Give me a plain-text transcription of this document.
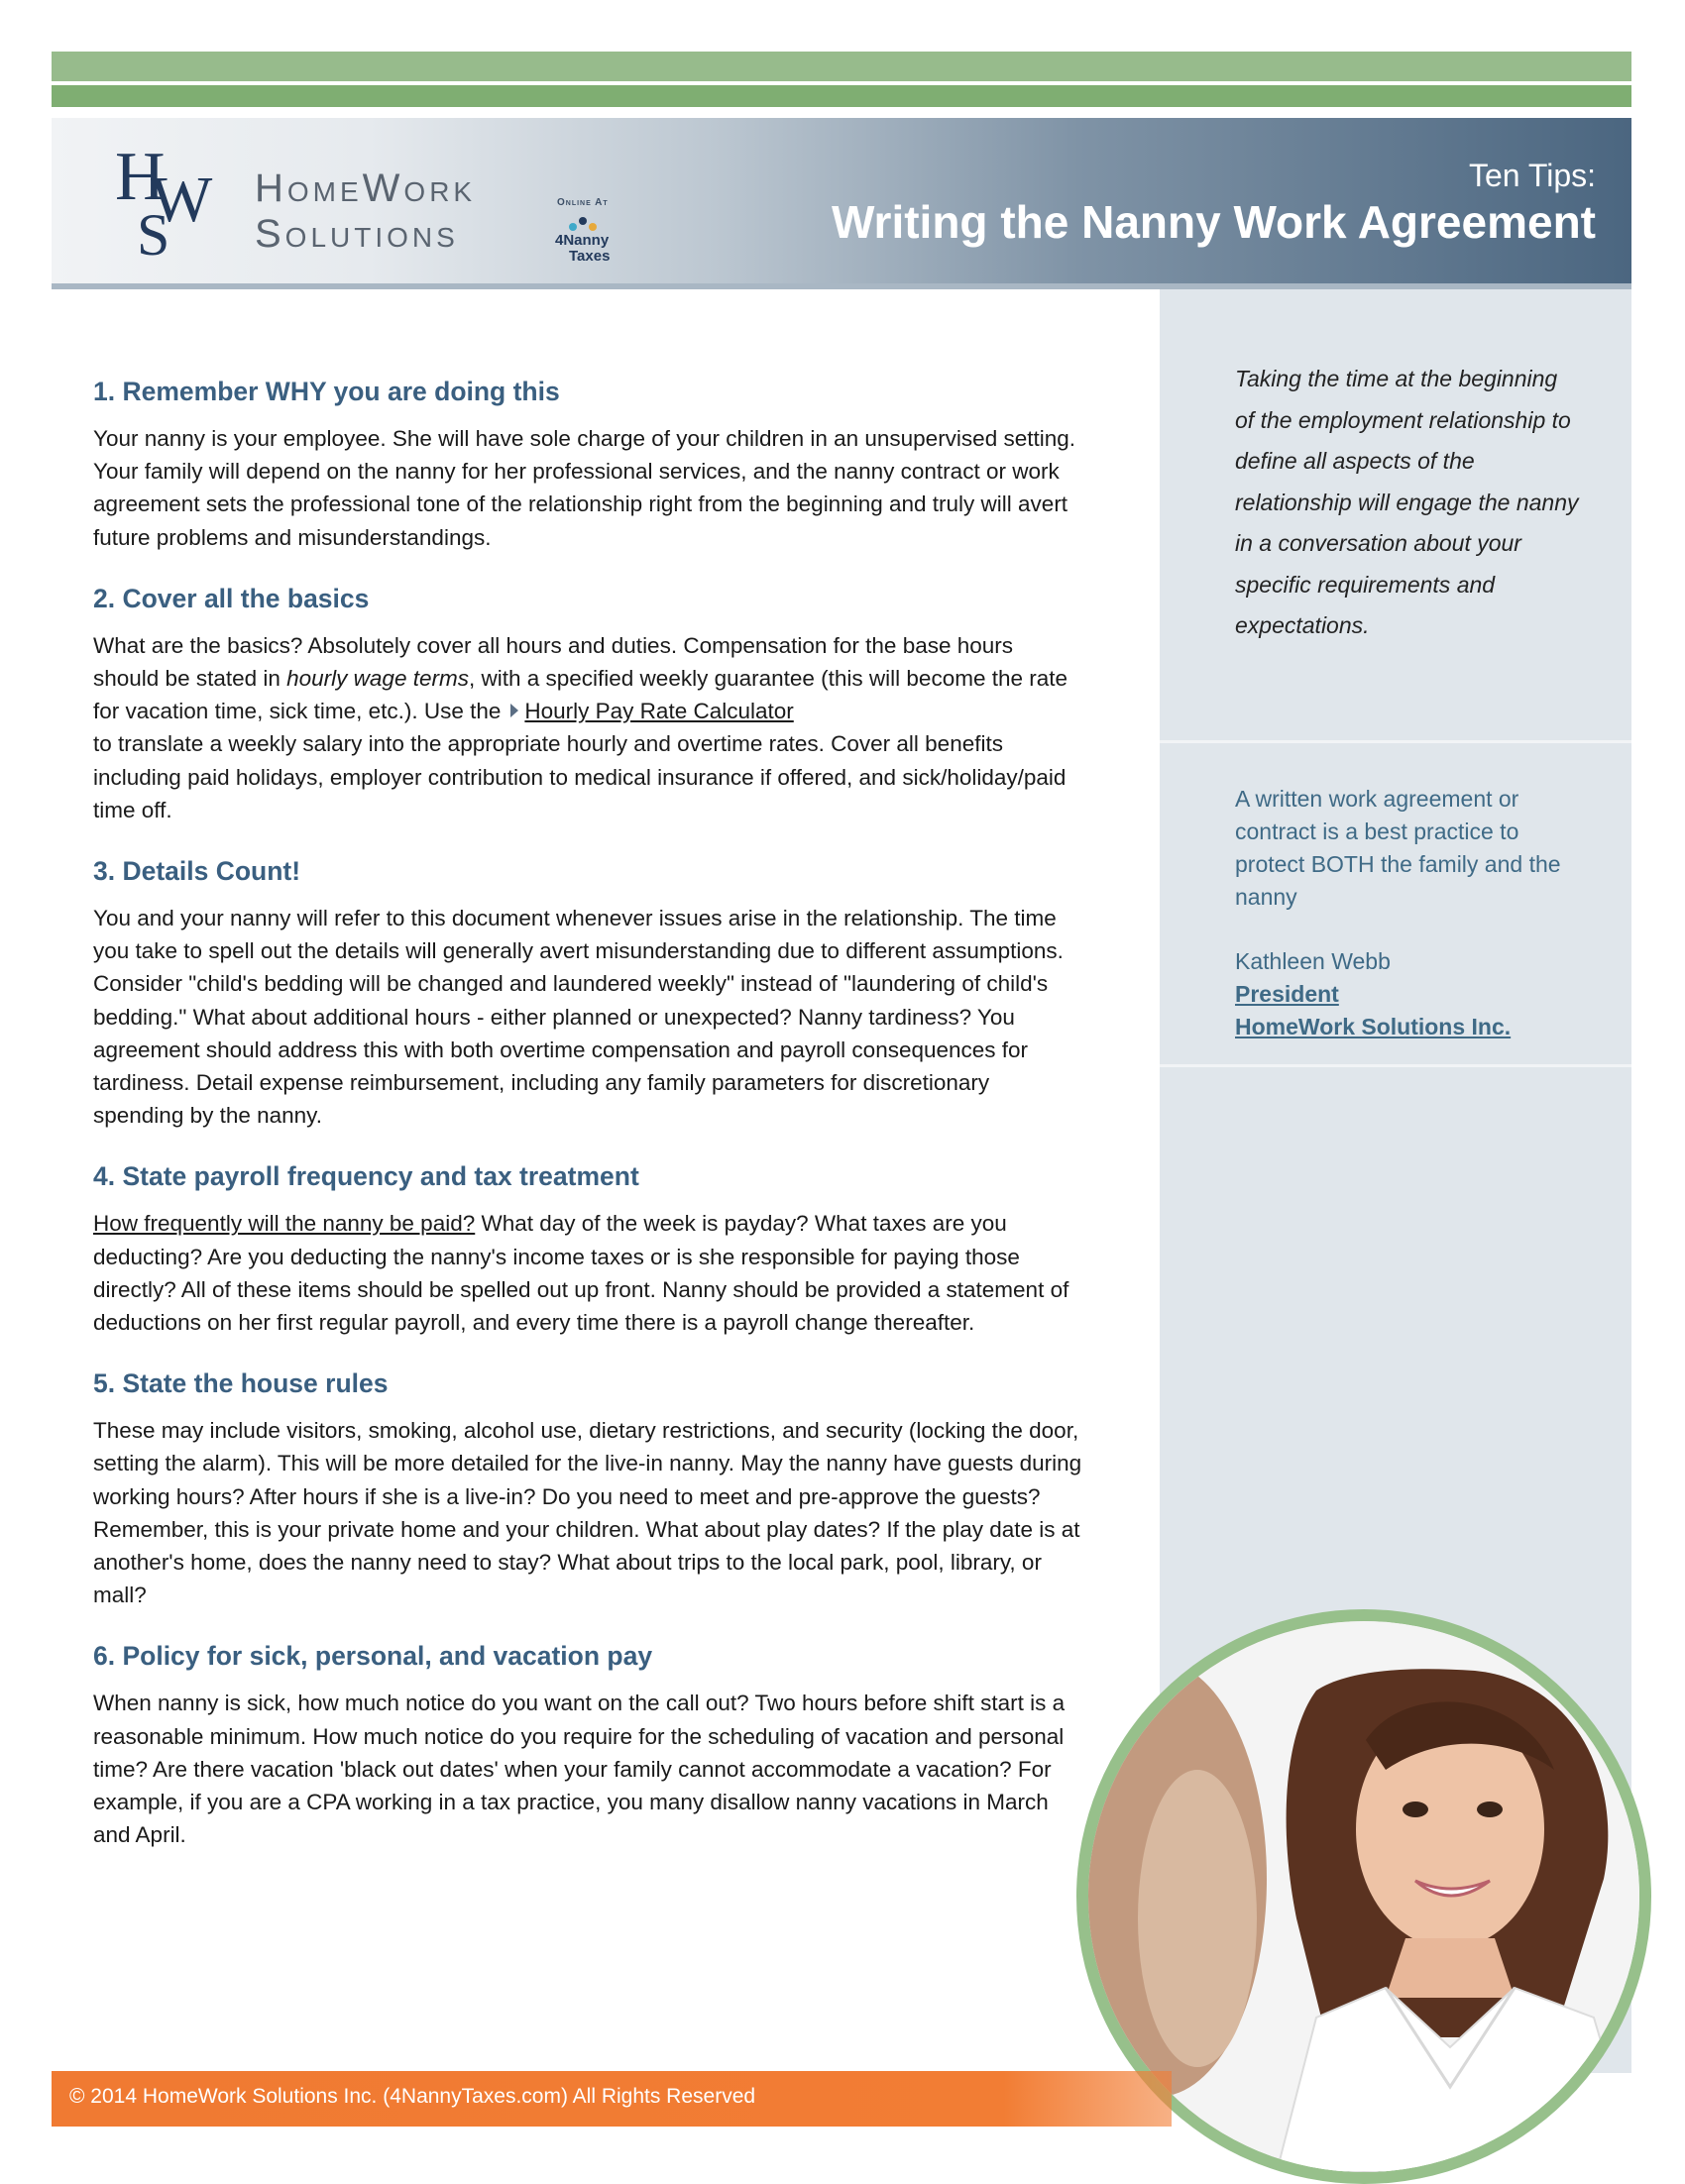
H
W
S
HomeWork
Solutions
Online At
4Nanny
Taxes
Ten Tips:
Writing the Nanny Work Agreement
Taking the time at the beginning of the employment relationship to define all aspects of the relationship will engage the nanny in a conversation about your specific requirements and expectations.
A written work agreement or contract is a best practice to protect BOTH the family and the nanny
Kathleen Webb
President
HomeWork Solutions Inc.
1. Remember WHY you are doing this

Your nanny is your employee. She will have sole charge of your children in an unsupervised setting. Your family will depend on the nanny for her professional services, and the nanny contract or work agreement sets the professional tone of the relationship right from the beginning and truly will avert future problems and misunderstandings.

2. Cover all the basics

What are the basics? Absolutely cover all hours and duties. Compensation for the base hours should be stated in hourly wage terms, with a specified weekly guarantee (this will become the rate for vacation time, sick time, etc.). Use the Hourly Pay Rate Calculator
to translate a weekly salary into the appropriate hourly and overtime rates. Cover all benefits including paid holidays, employer contribution to medical insurance if offered, and sick/holiday/paid time off.

3. Details Count!

You and your nanny will refer to this document whenever issues arise in the relationship. The time you take to spell out the details will generally avert misunderstanding due to different assumptions. Consider "child's bedding will be changed and laundered weekly" instead of "laundering of child's bedding." What about additional hours - either planned or unexpected? Nanny tardiness? You agreement should address this with both overtime compensation and payroll consequences for tardiness. Detail expense reimbursement, including any family parameters for discretionary spending by the nanny.

4. State payroll frequency and tax treatment

How frequently will the nanny be paid? What day of the week is payday? What taxes are you deducting? Are you deducting the nanny's income taxes or is she responsible for paying those directly? All of these items should be spelled out up front. Nanny should be provided a statement of deductions on her first regular payroll, and every time there is a payroll change thereafter.

5. State the house rules

These may include visitors, smoking, alcohol use, dietary restrictions, and security (locking the door, setting the alarm). This will be more detailed for the live-in nanny. May the nanny have guests during working hours? After hours if she is a live-in? Do you need to meet and pre-approve the guests? Remember, this is your private home and your children. What about play dates? If the play date is at another's home, does the nanny need to stay? What about trips to the local park, pool, library, or mall?

6. Policy for sick, personal, and vacation pay

When nanny is sick, how much notice do you want on the call out? Two hours before shift start is a reasonable minimum. How much notice do you require for the scheduling of vacation and personal time? Are there vacation 'black out dates' when your family cannot accommodate a vacation? For example, if you are a CPA working in a tax practice, you many disallow nanny vacations in March and April.

© 2014 HomeWork Solutions Inc. (4NannyTaxes.com) All Rights Reserved
